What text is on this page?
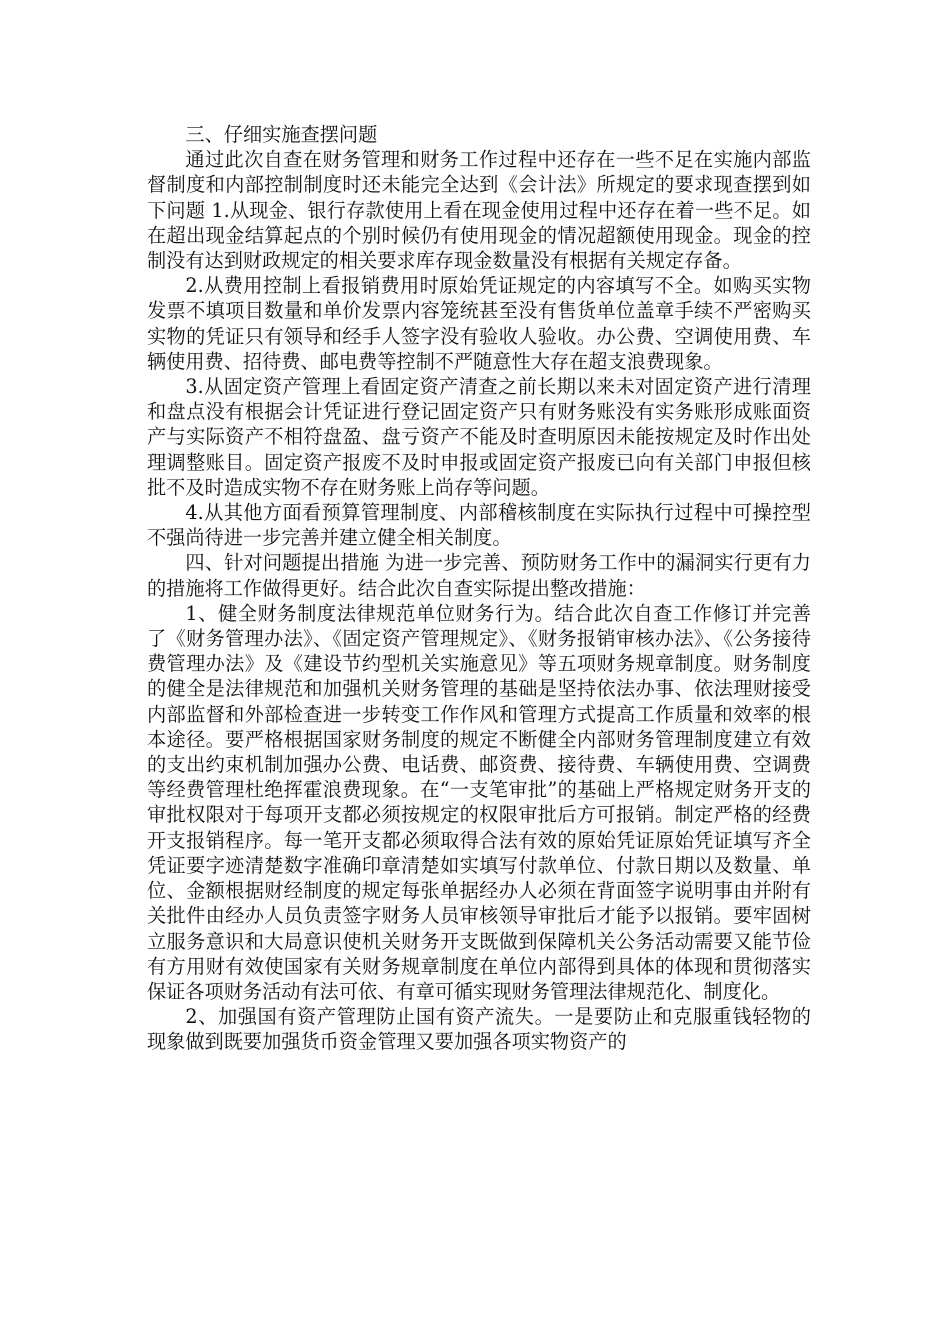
三、仔细实施查摆问题

通过此次自查在财务管理和财务工作过程中还存在一些不足在实施内部监督制度和内部控制制度时还未能完全达到《会计法》所规定的要求现查摆到如下问题 1.从现金、银行存款使用上看在现金使用过程中还存在着一些不足。如在超出现金结算起点的个别时候仍有使用现金的情况超额使用现金。现金的控制没有达到财政规定的相关要求库存现金数量没有根据有关规定存备。

2.从费用控制上看报销费用时原始凭证规定的内容填写不全。如购买实物发票不填项目数量和单价发票内容笼统甚至没有售货单位盖章手续不严密购买实物的凭证只有领导和经手人签字没有验收人验收。办公费、空调使用费、车辆使用费、招待费、邮电费等控制不严随意性大存在超支浪费现象。

3.从固定资产管理上看固定资产清查之前长期以来未对固定资产进行清理和盘点没有根据会计凭证进行登记固定资产只有财务账没有实务账形成账面资产与实际资产不相符盘盈、盘亏资产不能及时查明原因未能按规定及时作出处理调整账目。固定资产报废不及时申报或固定资产报废已向有关部门申报但核批不及时造成实物不存在财务账上尚存等问题。

4.从其他方面看预算管理制度、内部稽核制度在实际执行过程中可操控型不强尚待进一步完善并建立健全相关制度。

四、针对问题提出措施 为进一步完善、预防财务工作中的漏洞实行更有力的措施将工作做得更好。结合此次自查实际提出整改措施：

1、健全财务制度法律规范单位财务行为。结合此次自查工作修订并完善了《财务管理办法》、《固定资产管理规定》、《财务报销审核办法》、《公务接待费管理办法》及《建设节约型机关实施意见》等五项财务规章制度。财务制度的健全是法律规范和加强机关财务管理的基础是坚持依法办事、依法理财接受内部监督和外部检查进一步转变工作作风和管理方式提高工作质量和效率的根本途径。要严格根据国家财务制度的规定不断健全内部财务管理制度建立有效的支出约束机制加强办公费、电话费、邮资费、接待费、车辆使用费、空调费等经费管理杜绝挥霍浪费现象。在“一支笔审批”的基础上严格规定财务开支的审批权限对于每项开支都必须按规定的权限审批后方可报销。制定严格的经费开支报销程序。每一笔开支都必须取得合法有效的原始凭证原始凭证填写齐全凭证要字迹清楚数字准确印章清楚如实填写付款单位、付款日期以及数量、单位、金额根据财经制度的规定每张单据经办人必须在背面签字说明事由并附有关批件由经办人员负责签字财务人员审核领导审批后才能予以报销。要牢固树立服务意识和大局意识使机关财务开支既做到保障机关公务活动需要又能节俭有方用财有效使国家有关财务规章制度在单位内部得到具体的体现和贯彻落实保证各项财务活动有法可依、有章可循实现财务管理法律规范化、制度化。

2、加强国有资产管理防止国有资产流失。一是要防止和克服重钱轻物的现象做到既要加强货币资金管理又要加强各项实物资产的
